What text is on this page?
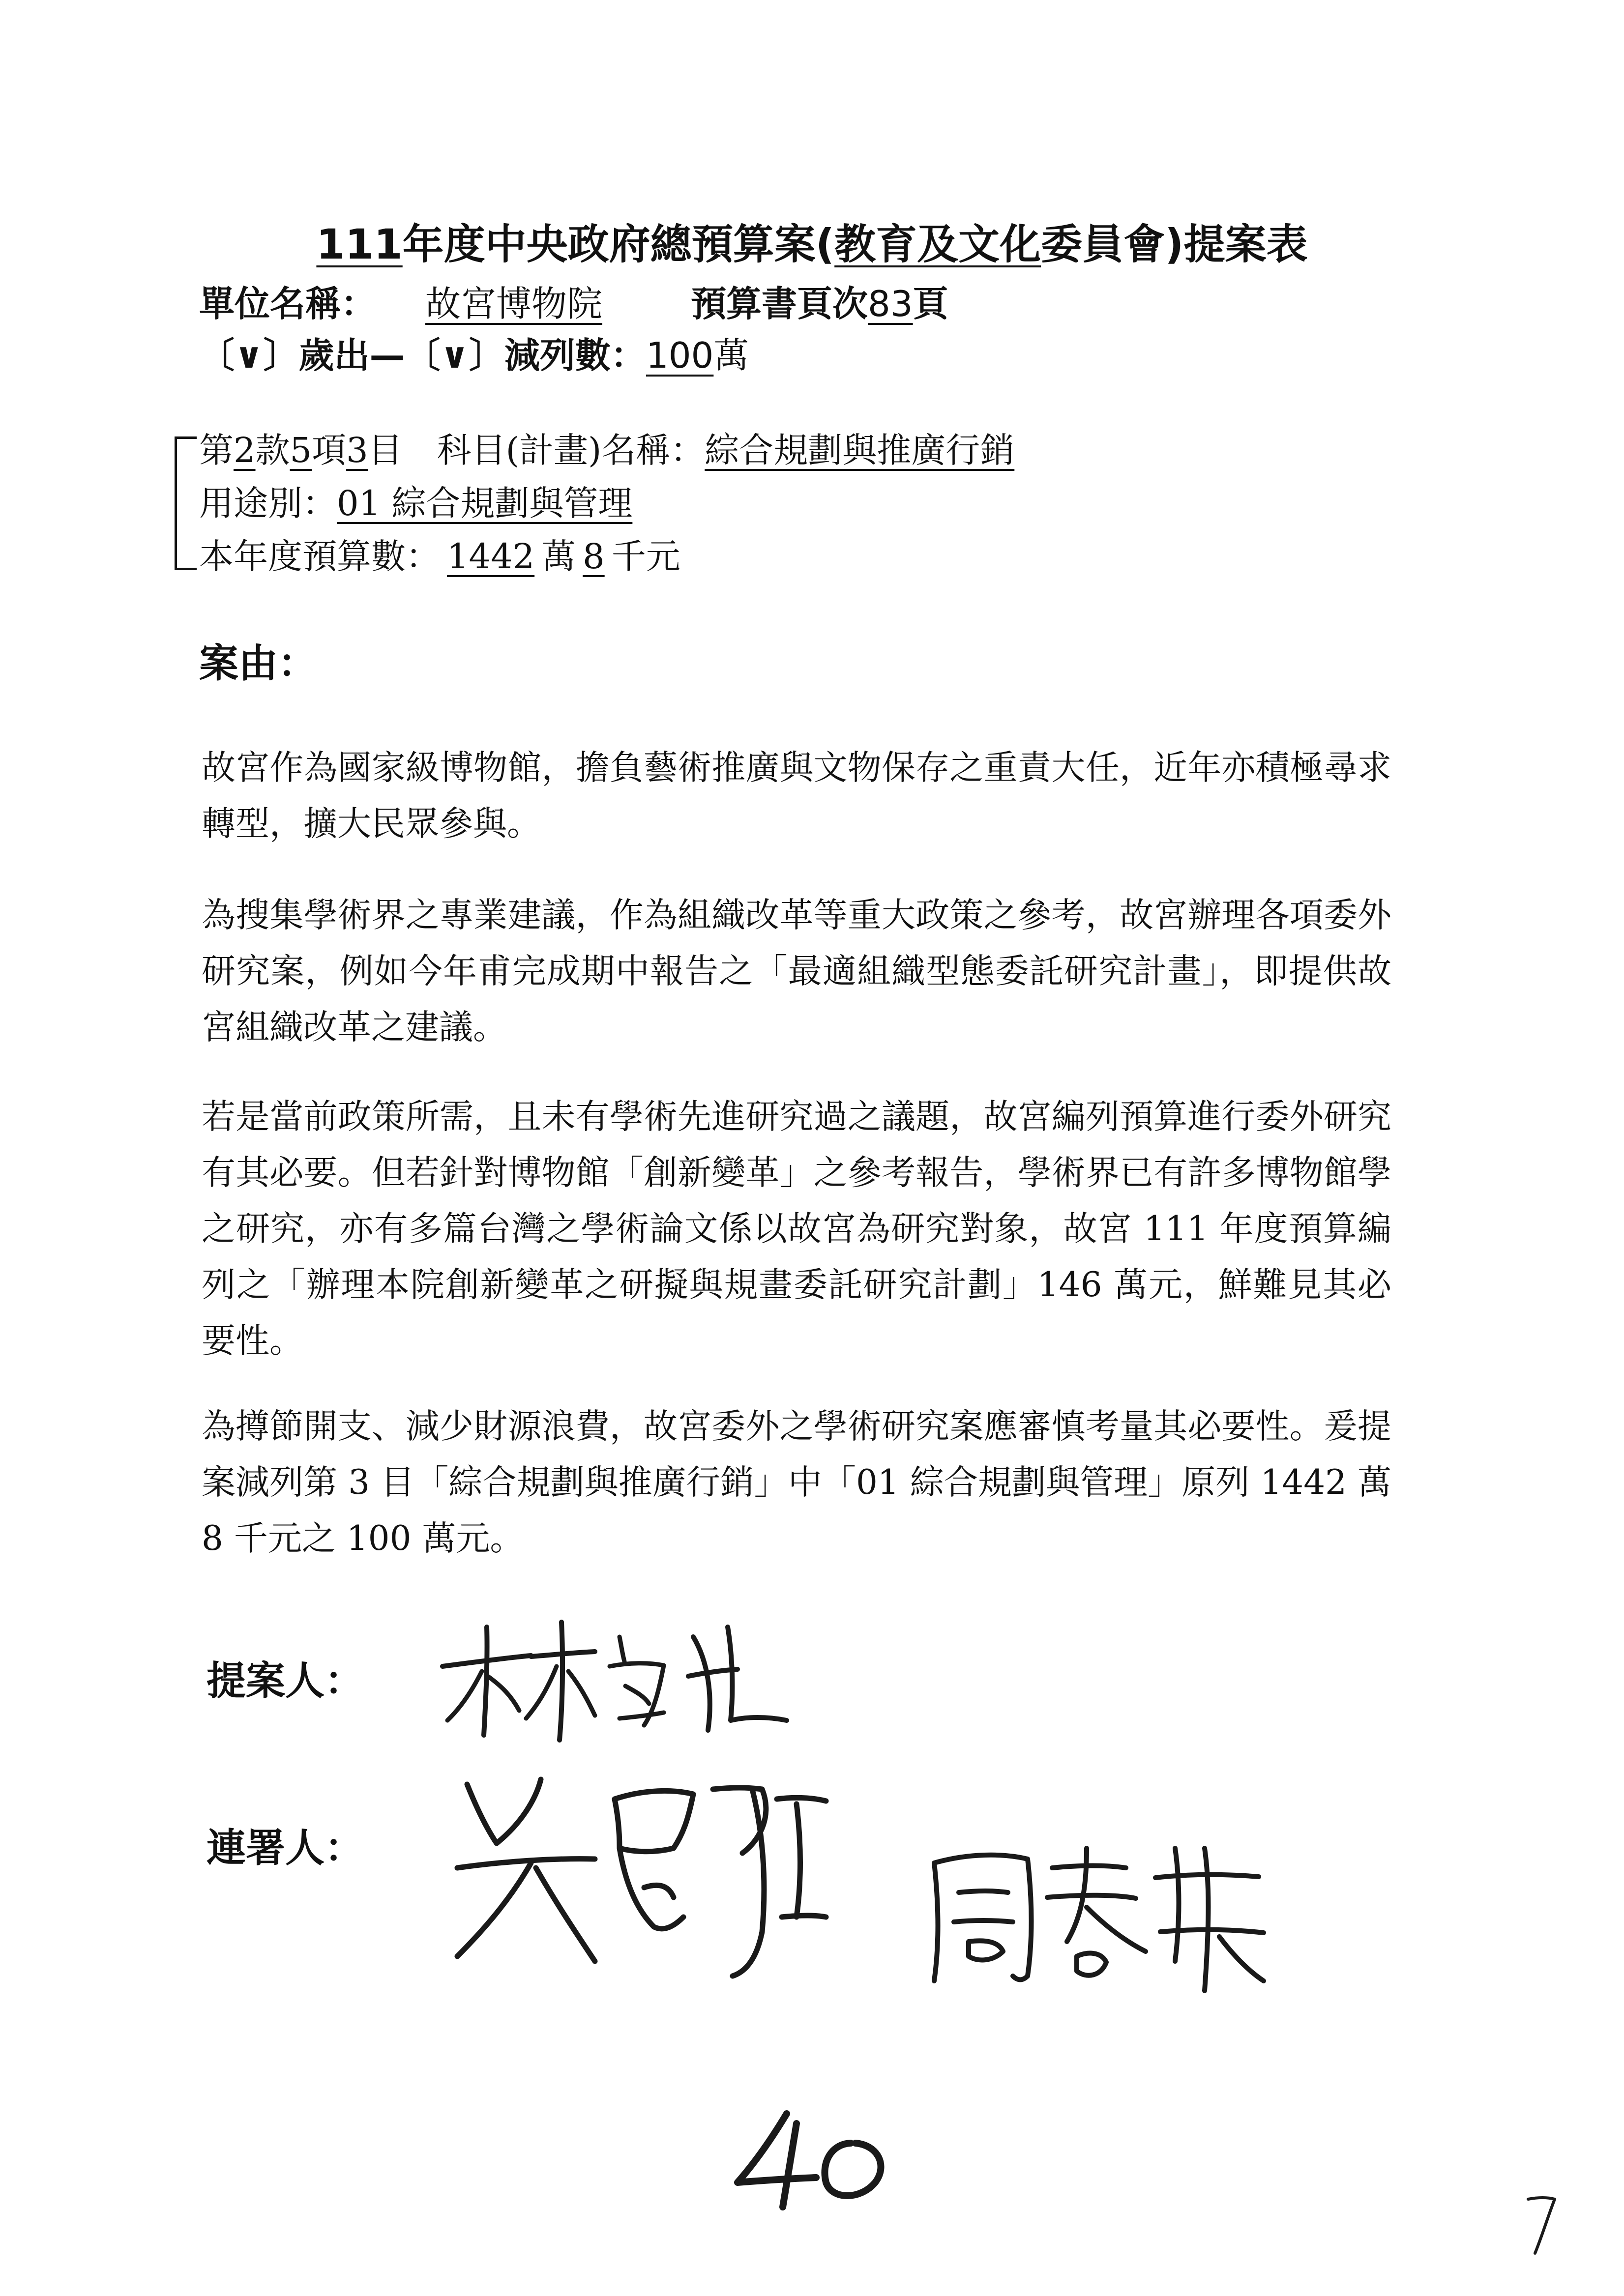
111年度中央政府總預算案(教育及文化委員會)提案表
單位名稱： 故宮博物院	預算書頁次83頁
〔∨〕歲出—〔∨〕減列數：100萬
第2款5項3目　科目(計畫)名稱：綜合規劃與推廣行銷
用途別：01 綜合規劃與管理
本年度預算數： 1442 萬 8 千元
案由：

故宮作為國家級博物館，擔負藝術推廣與文物保存之重責大任，近年亦積極尋求轉型，擴大民眾參與。

為搜集學術界之專業建議，作為組織改革等重大政策之參考，故宮辦理各項委外研究案，例如今年甫完成期中報告之「最適組織型態委託研究計畫」，即提供故宮組織改革之建議。

若是當前政策所需，且未有學術先進研究過之議題，故宮編列預算進行委外研究有其必要。但若針對博物館「創新變革」之參考報告，學術界已有許多博物館學之研究，亦有多篇台灣之學術論文係以故宮為研究對象，故宮 111 年度預算編列之「辦理本院創新變革之研擬與規畫委託研究計劃」146 萬元，鮮難見其必要性。

為撙節開支、減少財源浪費，故宮委外之學術研究案應審慎考量其必要性。爰提案減列第 3 目「綜合規劃與推廣行銷」中「01 綜合規劃與管理」原列 1442 萬 8 千元之 100 萬元。

提案人：
連署人：
